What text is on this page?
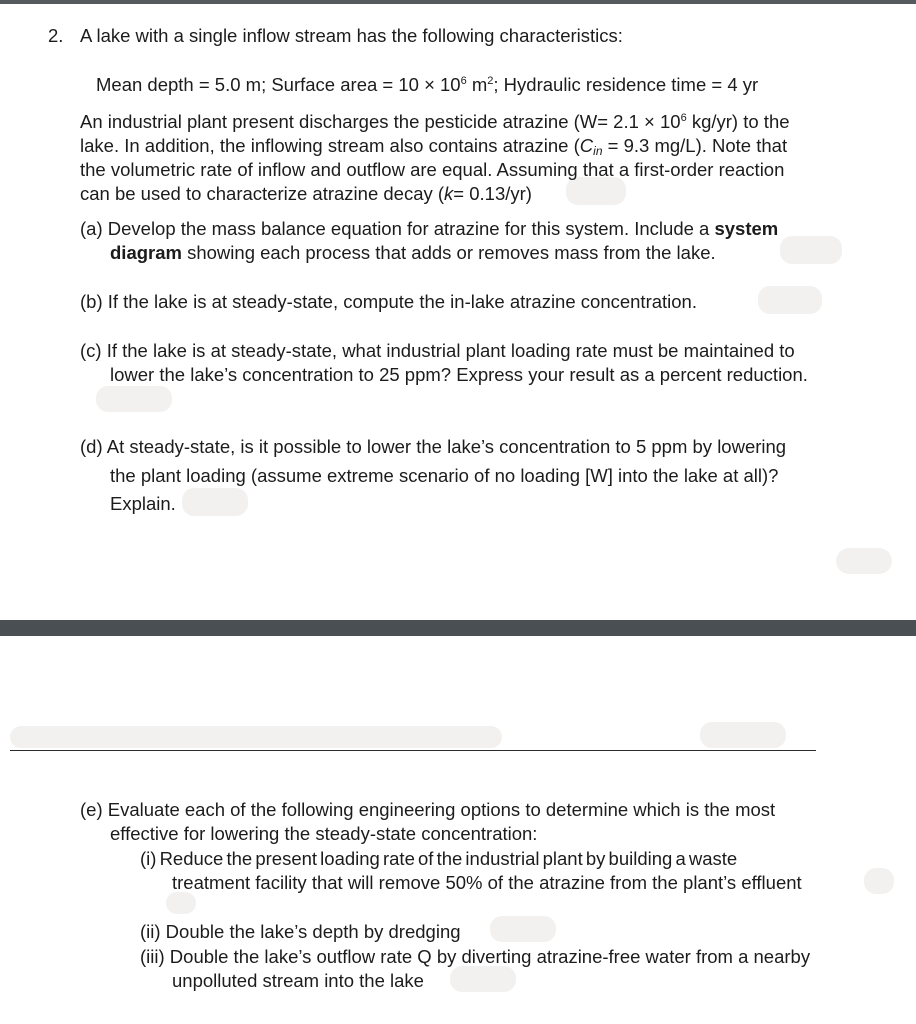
2. A lake with a single inflow stream has the following characteristics:
Mean depth = 5.0 m; Surface area = $10 \times 10^6$ $m^2$; Hydraulic residence time = 4 yr
An industrial plant present discharges the pesticide atrazine ($W= 2.1 \times 10^6$ kg/yr) to the
lake. In addition, the inflowing stream also contains atrazine ($C_{in} = 9.3$ mg/L). Note that
the volumetric rate of inflow and outflow are equal. Assuming that a first-order reaction
can be used to characterize atrazine decay (k= 0.13/yr)
(a) Develop the mass balance equation for atrazine for this system. Include a system
diagram showing each process that adds or removes mass from the lake.
(b) If the lake is at steady-state, compute the in-lake atrazine concentration.
(c) If the lake is at steady-state, what industrial plant loading rate must be maintained to
lower the lake’s concentration to 25 ppm? Express your result as a percent reduction.
(d) At steady-state, is it possible to lower the lake’s concentration to 5 ppm by lowering
the plant loading (assume extreme scenario of no loading [W] into the lake at all)?
Explain.
(e) Evaluate each of the following engineering options to determine which is the most
effective for lowering the steady-state concentration:
(i) Reduce the present loading rate of the industrial plant by building a waste
treatment facility that will remove 50% of the atrazine from the plant’s effluent
(ii) Double the lake’s depth by dredging
(iii) Double the lake’s outflow rate Q by diverting atrazine-free water from a nearby
unpolluted stream into the lake
